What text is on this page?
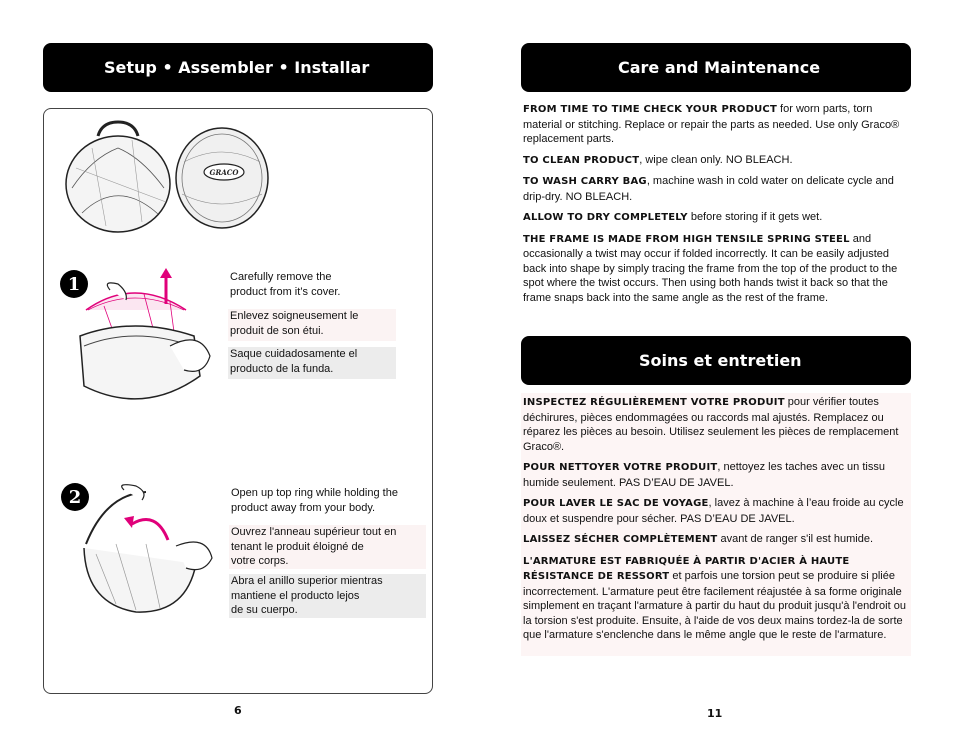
Setup • Assembler • Installar
GRACO
1	Carefully remove the
product from it’s cover.
Enlevez soigneusement le
produit de son étui.
Saque cuidadosamente el
producto de la funda.
2	Open up top ring while holding the
product away from your body.
Ouvrez l'anneau supérieur tout en
tenant le produit éloigné de
votre corps.
Abra el anillo superior mientras
mantiene el producto lejos
de su cuerpo.
6
Care and Maintenance

FROM TIME TO TIME CHECK YOUR PRODUCT for worn parts, torn material or stitching. Replace or repair the parts as needed. Use only Graco® replacement parts.

TO CLEAN PRODUCT, wipe clean only. NO BLEACH.

TO WASH CARRY BAG, machine wash in cold water on delicate cycle and drip-dry. NO BLEACH.

ALLOW TO DRY COMPLETELY before storing if it gets wet.

THE FRAME IS MADE FROM HIGH TENSILE SPRING STEEL and occasionally a twist may occur if folded incorrectly. It can be easily adjusted back into shape by simply tracing the frame from the top of the product to the spot where the twist occurs. Then using both hands twist it back so that the frame snaps back into the same angle as the rest of the frame.

Soins et entretien

INSPECTEZ RÉGULIÈREMENT VOTRE PRODUIT pour vérifier toutes déchirures, pièces endommagées ou raccords mal ajustés. Remplacez ou réparez les pièces au besoin. Utilisez seulement les pièces de remplacement Graco®.

POUR NETTOYER VOTRE PRODUIT, nettoyez les taches avec un tissu humide seulement. PAS D’EAU DE JAVEL.

POUR LAVER LE SAC DE VOYAGE, lavez à machine à l’eau froide au cycle doux et suspendre pour sécher. PAS D’EAU DE JAVEL.

LAISSEZ SÉCHER COMPLÈTEMENT avant de ranger s'il est humide.

L'ARMATURE EST FABRIQUÉE À PARTIR D'ACIER À HAUTE RÉSISTANCE DE RESSORT et parfois une torsion peut se produire si pliée incorrectement. L'armature peut être facilement réajustée à sa forme originale simplement en traçant l'armature à partir du haut du produit jusqu'à l'endroit ou la torsion s'est produite. Ensuite, à l'aide de vos deux mains tordez-la de sorte que l'armature s'enclenche dans le même angle que le reste de l'armature.

11
